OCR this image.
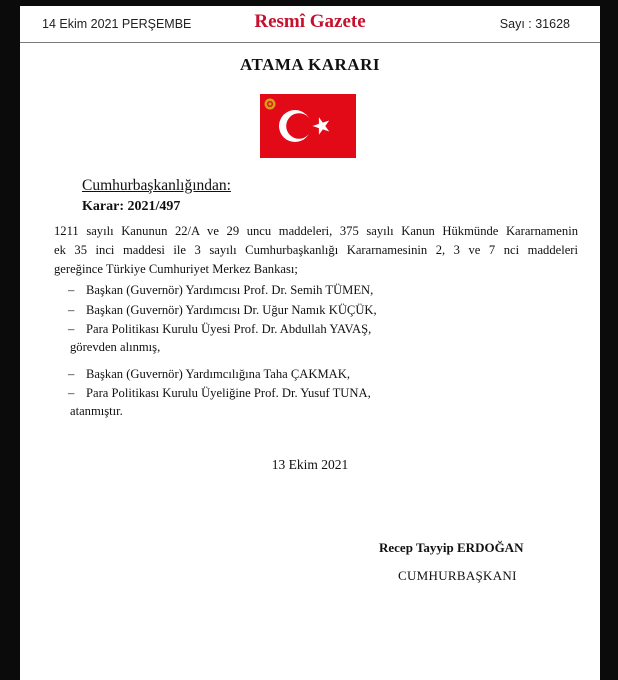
14 Ekim 2021 PERŞEMBE	Resmî Gazete	Sayı : 31628
ATAMA KARARI
Cumhurbaşkanlığından:
Karar: 2021/497

1211 sayılı Kanunun 22/A ve 29 uncu maddeleri, 375 sayılı Kanun Hükmünde Kararnamenin

ek 35 inci maddesi ile 3 sayılı Cumhurbaşkanlığı Kararnamesinin 2, 3 ve 7 nci maddeleri

gereğince Türkiye Cumhuriyet Merkez Bankası;

– Başkan (Guvernör) Yardımcısı Prof. Dr. Semih TÜMEN,
– Başkan (Guvernör) Yardımcısı Dr. Uğur Namık KÜÇÜK,
– Para Politikası Kurulu Üyesi Prof. Dr. Abdullah YAVAŞ,
görevden alınmış,
– Başkan (Guvernör) Yardımcılığına Taha ÇAKMAK,
– Para Politikası Kurulu Üyeliğine Prof. Dr. Yusuf TUNA,
atanmıştır.
13 Ekim 2021
Recep Tayyip ERDOĞAN
CUMHURBAŞKANI
